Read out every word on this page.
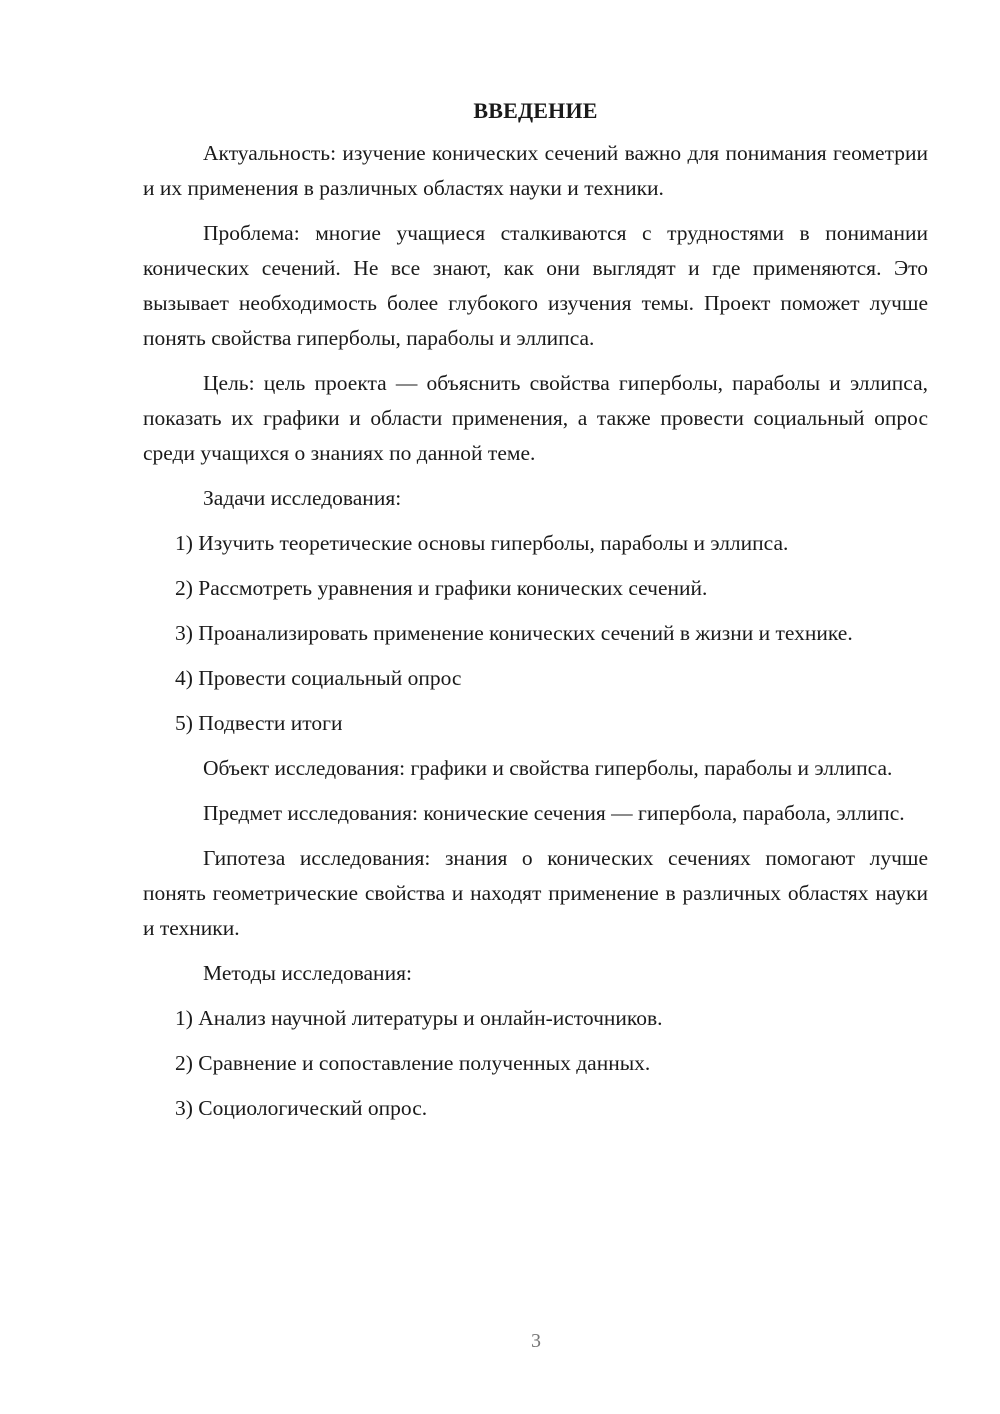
ВВЕДЕНИЕ

Актуальность: изучение конических сечений важно для понимания геометрии и их применения в различных областях науки и техники.

Проблема: многие учащиеся сталкиваются с трудностями в понимании конических сечений. Не все знают, как они выглядят и где применяются. Это вызывает необходимость более глубокого изучения темы. Проект поможет лучше понять свойства гиперболы, параболы и эллипса.

Цель: цель проекта — объяснить свойства гиперболы, параболы и эллипса, показать их графики и области применения, а также провести социальный опрос среди учащихся о знаниях по данной теме.

Задачи исследования:

1) Изучить теоретические основы гиперболы, параболы и эллипса.

2) Рассмотреть уравнения и графики конических сечений.

3) Проанализировать применение конических сечений в жизни и технике.

4) Провести социальный опрос

5) Подвести итоги

Объект исследования: графики и свойства гиперболы, параболы и эллипса.

Предмет исследования: конические сечения — гипербола, парабола, эллипс.

Гипотеза исследования: знания о конических сечениях помогают лучше понять геометрические свойства и находят применение в различных областях науки и техники.

Методы исследования:

1) Анализ научной литературы и онлайн-источников.

2) Сравнение и сопоставление полученных данных.

3) Социологический опрос.

3
